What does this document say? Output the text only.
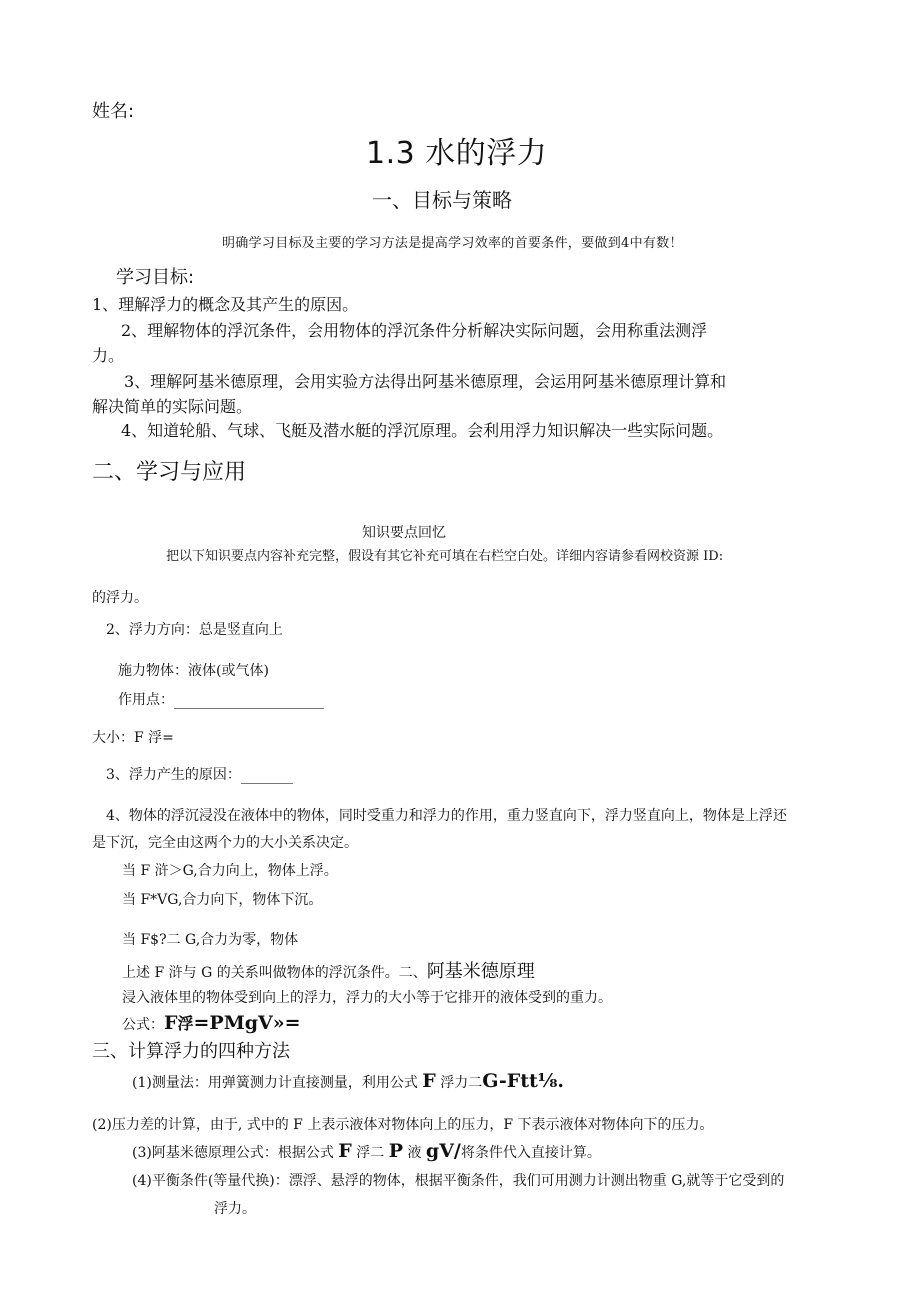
姓名:
1.3 水的浮力
一、目标与策略
明确学习目标及主要的学习方法是提高学习效率的首要条件，要做到4中有数！
学习目标:
1、理解浮力的概念及其产生的原因。
2、理解物体的浮沉条件，会用物体的浮沉条件分析解决实际问题，会用称重法测浮
力。
3、理解阿基米德原理，会用实验方法得出阿基米德原理，会运用阿基米德原理计算和
解决简单的实际问题。
4、知道轮船、气球、飞艇及潜水艇的浮沉原理。会利用浮力知识解决一些实际问题。
二、学习与应用
知识要点回忆
把以下知识要点内容补充完整，假设有其它补充可填在右栏空白处。详细内容请参看网校资源 ID:
的浮力。
2、浮力方向：总是竖直向上
施力物体：液体(或气体)
作用点：
大小：F 浮=
3、浮力产生的原因：
4、物体的浮沉浸没在液体中的物体，同时受重力和浮力的作用，重力竖直向下，浮力竖直向上，物体是上浮还
是下沉，完全由这两个力的大小关系决定。
当 F 浒＞G,合力向上，物体上浮。
当 F*VG,合力向下，物体下沉。
当 F$?二 G,合力为零，物体
上述 F 浒与 G 的关系叫做物体的浮沉条件。二、阿基米德原理
浸入液体里的物体受到向上的浮力，浮力的大小等于它排开的液体受到的重力。
公式：F浮=PMgV»=
三、计算浮力的四种方法
(1)测量法：用弹簧测力计直接测量，利用公式 F 浮力二G-Ftt⅛.
(2)压力差的计算，由于, 式中的 F 上表示液体对物体向上的压力，F 下表示液体对物体向下的压力。
(3)阿基米德原理公式：根据公式 F 浮二 P 液 gV/将条件代入直接计算。
(4)平衡条件(等量代换)：漂浮、悬浮的物体，根据平衡条件，我们可用测力计测出物重 G,就等于它受到的
浮力。
